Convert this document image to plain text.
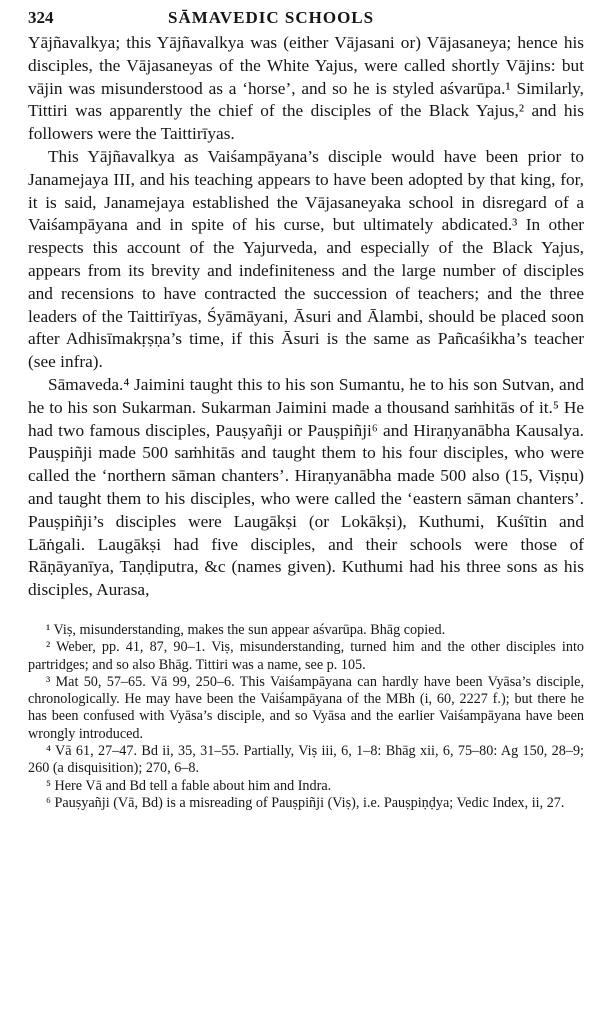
324	SĀMAVEDIC SCHOOLS

Yājñavalkya; this Yājñavalkya was (either Vājasani or) Vājasaneya; hence his disciples, the Vājasaneyas of the White Yajus, were called shortly Vājins: but vājin was misunderstood as a ‘horse’, and so he is styled aśvarūpa.¹ Similarly, Tittiri was apparently the chief of the disciples of the Black Yajus,² and his followers were the Taittirīyas.

This Yājñavalkya as Vaiśampāyana’s disciple would have been prior to Janamejaya III, and his teaching appears to have been adopted by that king, for, it is said, Janamejaya established the Vājasaneyaka school in disregard of a Vaiśampāyana and in spite of his curse, but ultimately abdicated.³ In other respects this account of the Yajurveda, and especially of the Black Yajus, appears from its brevity and indefiniteness and the large number of disciples and recensions to have contracted the succession of teachers; and the three leaders of the Taittirīyas, Śyāmāyani, Āsuri and Ālambi, should be placed soon after Adhisīmakṛṣṇa’s time, if this Āsuri is the same as Pañcaśikha’s teacher (see infra).

Sāmaveda.⁴ Jaimini taught this to his son Sumantu, he to his son Sutvan, and he to his son Sukarman. Sukarman Jaimini made a thousand saṁhitās of it.⁵ He had two famous disciples, Pauṣyañji or Pauṣpiñji⁶ and Hiraṇyanābha Kausalya. Pauṣpiñji made 500 saṁhitās and taught them to his four disciples, who were called the ‘northern sāman chanters’. Hiraṇyanābha made 500 also (15, Viṣṇu) and taught them to his disciples, who were called the ‘eastern sāman chanters’. Pauṣpiñji’s disciples were Laugākṣi (or Lokākṣi), Kuthumi, Kuśītin and Lāṅgali. Laugākṣi had five disciples, and their schools were those of Rāṇāyanīya, Taṇḍiputra, &c (names given). Kuthumi had his three sons as his disciples, Aurasa,

¹ Viṣ, misunderstanding, makes the sun appear aśvarūpa. Bhāg copied.

² Weber, pp. 41, 87, 90–1. Viṣ, misunderstanding, turned him and the other disciples into partridges; and so also Bhāg. Tittiri was a name, see p. 105.

³ Mat 50, 57–65. Vā 99, 250–6. This Vaiśampāyana can hardly have been Vyāsa’s disciple, chronologically. He may have been the Vaiśampāyana of the MBh (i, 60, 2227 f.); but there he has been confused with Vyāsa’s disciple, and so Vyāsa and the earlier Vaiśampāyana have been wrongly introduced.

⁴ Vā 61, 27–47. Bd ii, 35, 31–55. Partially, Viṣ iii, 6, 1–8: Bhāg xii, 6, 75–80: Ag 150, 28–9; 260 (a disquisition); 270, 6–8.

⁵ Here Vā and Bd tell a fable about him and Indra.

⁶ Pauṣyañji (Vā, Bd) is a misreading of Pauṣpiñji (Viṣ), i.e. Pauṣpiṇḍya; Vedic Index, ii, 27.
